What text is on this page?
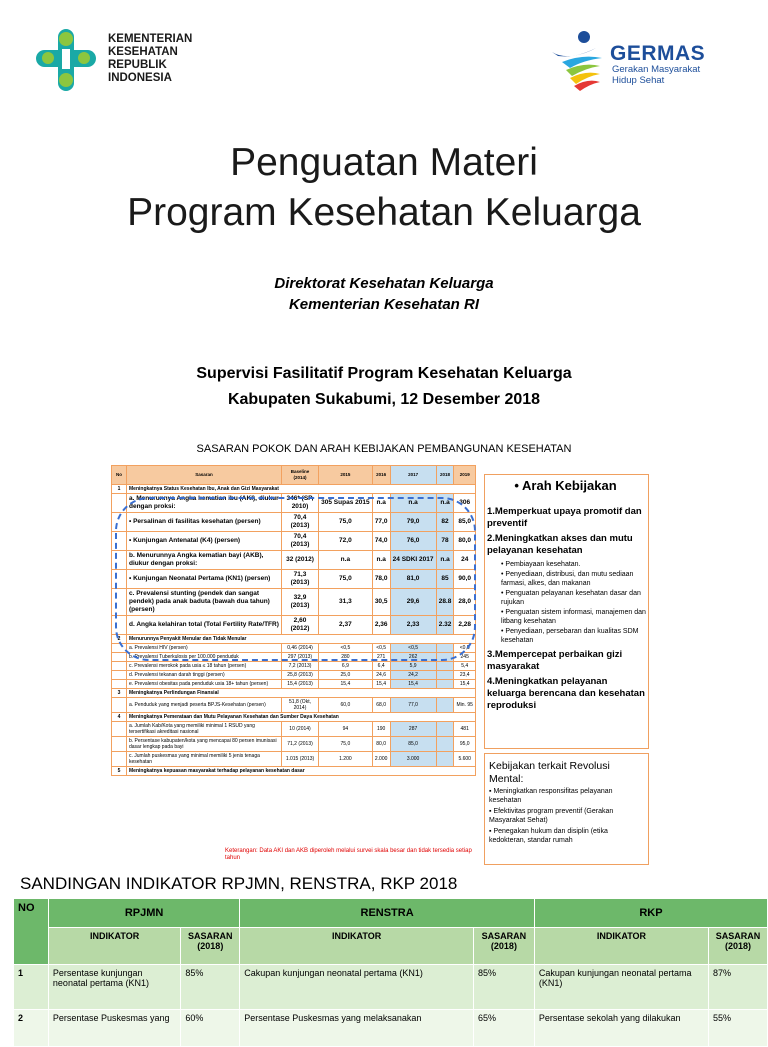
KEMENTERIAN
KESEHATAN
REPUBLIK
INDONESIA
GERMAS
Gerakan Masyarakat
Hidup Sehat
Penguatan Materi
Program Kesehatan Keluarga
Direktorat Kesehatan Keluarga
Kementerian Kesehatan RI
Supervisi Fasilitatif Program Kesehatan Keluarga
Kabupaten Sukabumi, 12 Desember 2018
SASARAN POKOK DAN ARAH KEBIJAKAN PEMBANGUNAN KESEHATAN
No	Sasaran	Baseline (2014)	2015	2016	2017	2018	2019
1	Meningkatnya Status Kesehatan Ibu, Anak dan Gizi Masyarakat						
	a. Menurunnya Angka kematian ibu (AKI), diukur dengan proksi:	346* (SP, 2010)	305 Supas 2015	n.a	n.a	n.a	306
	• Persalinan di fasilitas kesehatan (persen)	70,4 (2013)	75,0	77,0	79,0	82	85,0
	• Kunjungan Antenatal (K4) (persen)	70,4 (2013)	72,0	74,0	76,0	78	80,0
	b. Menurunnya Angka kematian bayi (AKB), diukur dengan proksi:	32 (2012)	n.a	n.a	24 SDKI 2017	n.a	24
	• Kunjungan Neonatal Pertama (KN1) (persen)	71,3 (2013)	75,0	78,0	81,0	85	90,0
	c. Prevalensi stunting (pendek dan sangat pendek) pada anak baduta (bawah dua tahun) (persen)	32,9 (2013)	31,3	30,5	29,6	28.8	28,0
	d. Angka kelahiran total (Total Fertility Rate/TFR)	2,60 (2012)	2,37	2,36	2,33	2.32	2,28
2	Menurunnya Penyakit Menular dan Tidak Menular						
	a. Prevalensi HIV (persen)	0,46 (2014)	<0,5	<0,5	<0,5		<0,5
	b. Prevalensi Tuberkulosis per 100.000 penduduk	297 (2013)	280	271	262		245
	c. Prevalensi merokok pada usia ≤ 18 tahun (persen)	7,2 (2013)	6,9	6,4	5,9		5,4
	d. Prevalensi tekanan darah tinggi (persen)	25,8 (2013)	25,0	24,6	24,2		23,4
	e. Prevalensi obesitas pada penduduk usia 18+ tahun (persen)	15,4 (2013)	15,4	15,4	15,4		15,4
3	Meningkatnya Perlindungan Finansial						
	a. Penduduk yang menjadi peserta BPJS-Kesehatan (persen)	51,8 (Okt, 2014)	60,0	68,0	77,0		Min. 95
4	Meningkatnya Pemerataan dan Mutu Pelayanan Kesehatan dan Sumber Daya Kesehatan						
	a. Jumlah Kab/Kota yang memiliki minimal 1 RSUD yang tersertifikasi akreditasi nasional	10 (2014)	94	190	287		481
	b. Persentase kabupaten/kota yang mencapai 80 persen imunisasi dasar lengkap pada bayi	71,2 (2013)	75,0	80,0	85,0		95,0
	c. Jumlah puskesmas yang minimal memiliki 5 jenis tenaga kesehatan	1.015 (2013)	1.200	2.000	3.000		5.600
5	Meningkatnya kepuasan masyarakat terhadap pelayanan kesehatan dasar						
Keterangan: Data AKI dan AKB diperoleh melalui survei skala besar dan tidak tersedia setiap tahun
• Arah Kebijakan
1.Memperkuat upaya promotif dan preventif
2.Meningkatkan akses dan mutu pelayanan kesehatan
• Pembiayaan kesehatan.
• Penyediaan, distribusi, dan mutu sediaan farmasi, alkes, dan makanan
• Penguatan pelayanan kesehatan dasar dan rujukan
• Penguatan sistem informasi, manajemen dan litbang kesehatan
• Penyediaan, persebaran dan kualitas SDM kesehatan
3.Mempercepat perbaikan gizi masyarakat
4.Meningkatkan pelayanan keluarga berencana dan kesehatan reproduksi
Kebijakan terkait Revolusi Mental:
▪ Meningkatkan responsifitas pelayanan kesehatan
▪ Efektivitas program preventif (Gerakan Masyarakat Sehat)
▪ Penegakan hukum dan disiplin (etika kedokteran, standar rumah
SANDINGAN INDIKATOR RPJMN, RENSTRA, RKP 2018
NO	RPJMN		RENSTRA		RKP	
	INDIKATOR	SASARAN (2018)	INDIKATOR	SASARAN (2018)	INDIKATOR	SASARAN (2018)
1	Persentase kunjungan neonatal pertama (KN1)	85%	Cakupan kunjungan neonatal pertama (KN1)	85%	Cakupan kunjungan neonatal pertama (KN1)	87%
2	Persentase Puskesmas yang	60%	Persentase Puskesmas yang melaksanakan	65%	Persentase sekolah yang dilakukan	55%
